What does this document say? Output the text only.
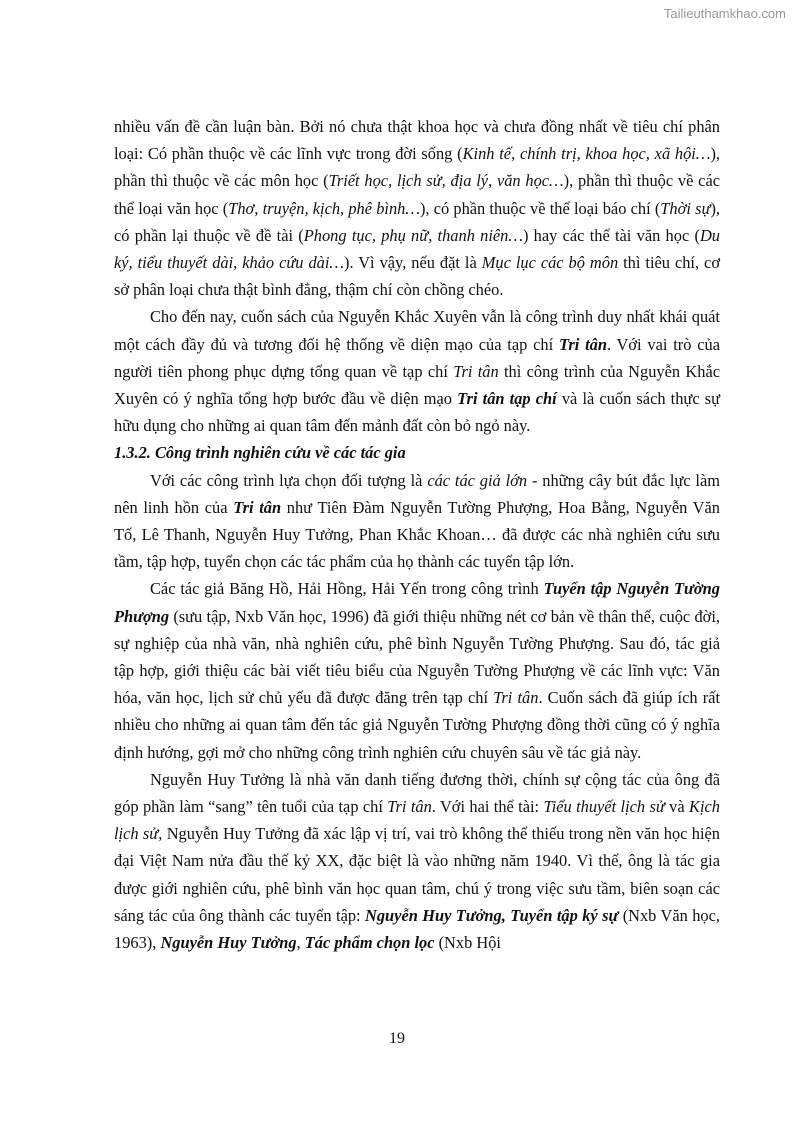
Tailieuthamkhao.com

nhiều vấn đề cần luận bàn. Bởi nó chưa thật khoa học và chưa đồng nhất về tiêu chí phân loại: Có phần thuộc về các lĩnh vực trong đời sống (Kinh tế, chính trị, khoa học, xã hội…), phần thì thuộc về các môn học (Triết học, lịch sử, địa lý, văn học…), phần thì thuộc về các thể loại văn học (Thơ, truyện, kịch, phê bình…), có phần thuộc về thể loại báo chí (Thời sự), có phần lại thuộc về đề tài (Phong tục, phụ nữ, thanh niên…) hay các thể tài văn học (Du ký, tiểu thuyết dài, khảo cứu dài…). Vì vậy, nếu đặt là Mục lục các bộ môn thì tiêu chí, cơ sở phân loại chưa thật bình đẳng, thậm chí còn chồng chéo.

Cho đến nay, cuốn sách của Nguyễn Khắc Xuyên vẫn là công trình duy nhất khái quát một cách đầy đủ và tương đối hệ thống về diện mạo của tạp chí Tri tân. Với vai trò của người tiên phong phục dựng tổng quan về tạp chí Tri tân thì công trình của Nguyễn Khắc Xuyên có ý nghĩa tổng hợp bước đầu về diện mạo Tri tân tạp chí và là cuốn sách thực sự hữu dụng cho những ai quan tâm đến mảnh đất còn bỏ ngỏ này.

1.3.2. Công trình nghiên cứu về các tác gia

Với các công trình lựa chọn đối tượng là các tác giả lớn - những cây bút đắc lực làm nên linh hồn của Tri tân như Tiên Đàm Nguyễn Tường Phượng, Hoa Bằng, Nguyễn Văn Tố, Lê Thanh, Nguyễn Huy Tưởng, Phan Khắc Khoan… đã được các nhà nghiên cứu sưu tầm, tập hợp, tuyển chọn các tác phẩm của họ thành các tuyển tập lớn.

Các tác giả Băng Hồ, Hải Hồng, Hải Yến trong công trình Tuyển tập Nguyễn Tường Phượng (sưu tập, Nxb Văn học, 1996) đã giới thiệu những nét cơ bản về thân thế, cuộc đời, sự nghiệp của nhà văn, nhà nghiên cứu, phê bình Nguyễn Tường Phượng. Sau đó, tác giả tập hợp, giới thiệu các bài viết tiêu biểu của Nguyễn Tường Phượng về các lĩnh vực: Văn hóa, văn học, lịch sử chủ yếu đã được đăng trên tạp chí Tri tân. Cuốn sách đã giúp ích rất nhiều cho những ai quan tâm đến tác giả Nguyễn Tường Phượng đồng thời cũng có ý nghĩa định hướng, gợi mở cho những công trình nghiên cứu chuyên sâu về tác giả này.

Nguyễn Huy Tưởng là nhà văn danh tiếng đương thời, chính sự cộng tác của ông đã góp phần làm “sang” tên tuổi của tạp chí Tri tân. Với hai thể tài: Tiểu thuyết lịch sử và Kịch lịch sử, Nguyễn Huy Tưởng đã xác lập vị trí, vai trò không thể thiếu trong nền văn học hiện đại Việt Nam nửa đầu thế kỷ XX, đặc biệt là vào những năm 1940. Vì thế, ông là tác gia được giới nghiên cứu, phê bình văn học quan tâm, chú ý trong việc sưu tầm, biên soạn các sáng tác của ông thành các tuyển tập: Nguyễn Huy Tưởng, Tuyển tập ký sự (Nxb Văn học, 1963), Nguyễn Huy Tưởng, Tác phẩm chọn lọc (Nxb Hội

19
